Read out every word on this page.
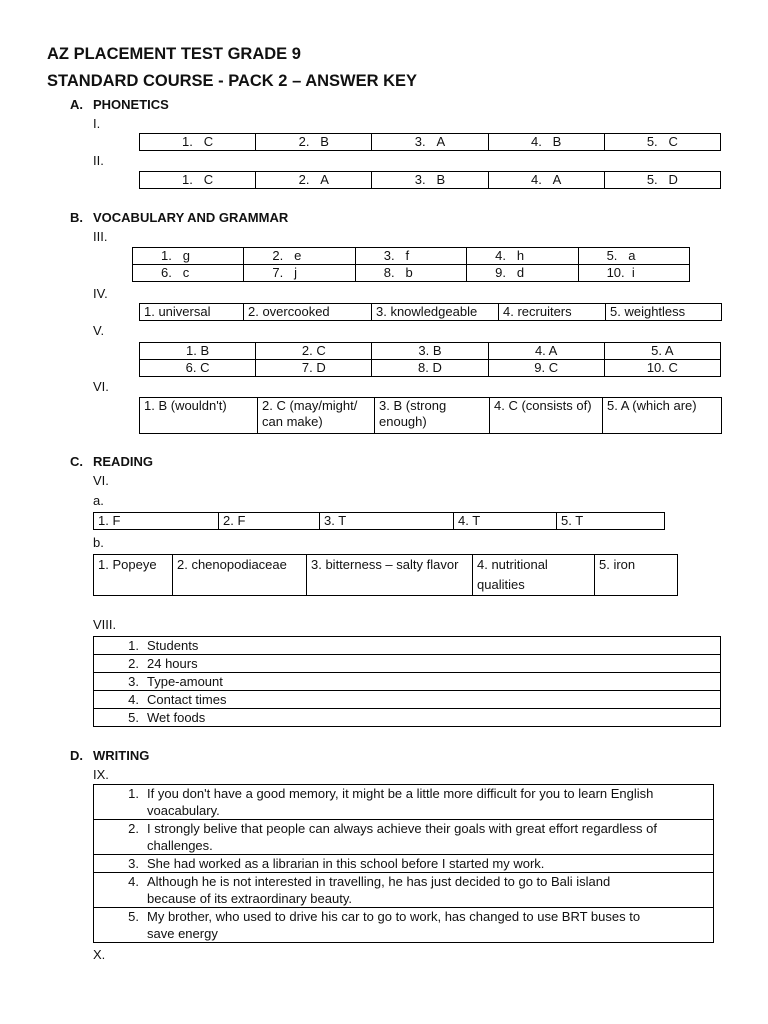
AZ PLACEMENT TEST GRADE 9
STANDARD COURSE - PACK 2 – ANSWER KEY
A. PHONETICS
I.
1. C	2. B	3. A	4. B	5. C
II.
1. C	2. A	3. B	4. A	5. D
B. VOCABULARY AND GRAMMAR
III.
1. g	2. e	3. f	4. h	5. a
6. c	7. j	8. b	9. d	10. i
IV.
1. universal	2. overcooked	3. knowledgeable	4. recruiters	5. weightless
V.
1. B	2. C	3. B	4. A	5. A
6. C	7. D	8. D	9. C	10. C
VI.
1. B (wouldn't)	2. C (may/might/ can make)	3. B (strong enough)	4. C (consists of)	5. A (which are)
C. READING
VI.
a.
1. F	2. F	3. T	4. T	5. T
b.
1. Popeye	2. chenopodiaceae	3. bitterness – salty flavor	4. nutritional qualities	5. iron
VIII.
1. Students
2. 24 hours
3. Type-amount
4. Contact times
5. Wet foods
D. WRITING
IX.
1. If you don't have a good memory, it might be a little more difficult for you to learn English
voacabulary.

2. I strongly belive that people can always achieve their goals with great effort regardless of
challenges.

3. She had worked as a librarian in this school before I started my work.

4. Although he is not interested in travelling, he has just decided to go to Bali island
because of its extraordinary beauty.

5. My brother, who used to drive his car to go to work, has changed to use BRT buses to
save energy
X.
